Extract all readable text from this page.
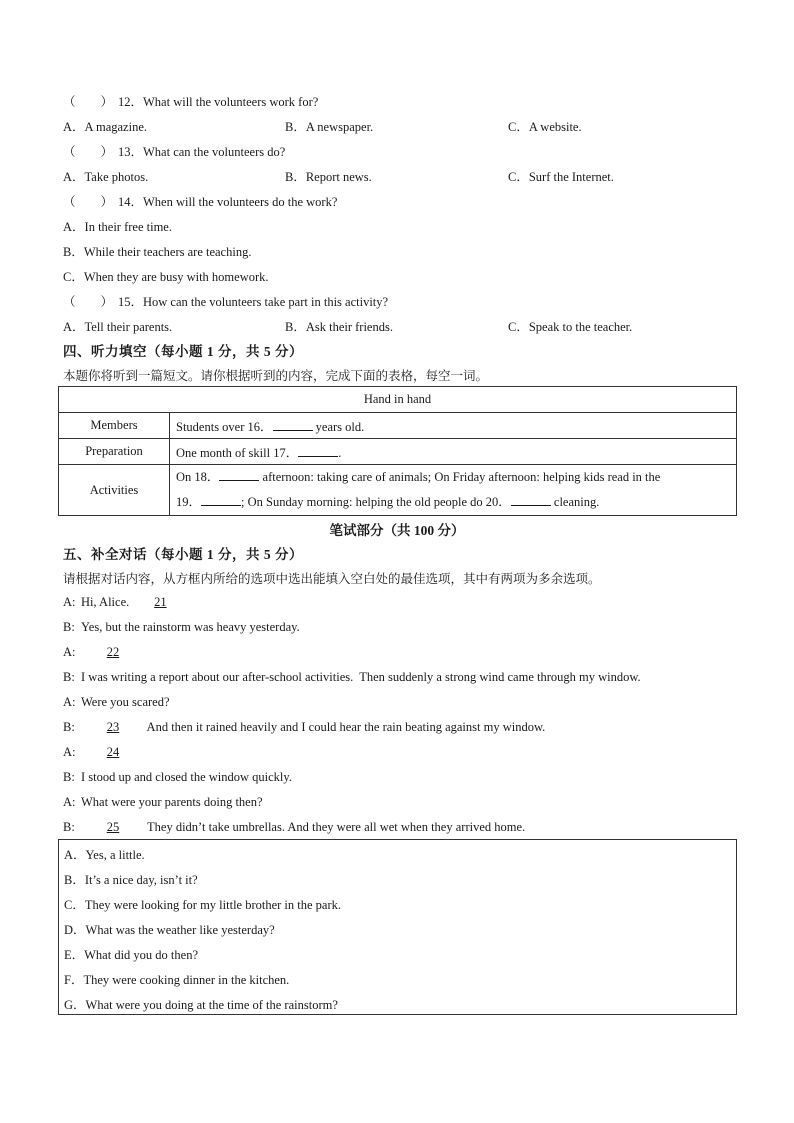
（　　） 12．What will the volunteers work for?
A．A magazine.	B．A newspaper.	C．A website.
（　　） 13．What can the volunteers do?
A．Take photos.	B．Report news.	C．Surf the Internet.
（　　） 14．When will the volunteers do the work?
A．In their free time.
B．While their teachers are teaching.
C．When they are busy with homework.
（　　） 15．How can the volunteers take part in this activity?
A．Tell their parents.	B．Ask their friends.	C．Speak to the teacher.
四、听力填空（每小题 1 分，共 5 分）
本题你将听到一篇短文。请你根据听到的内容，完成下面的表格，每空一词。
Hand in hand	
Members	Students over 16． years old.
Preparation	One month of skill 17． .
Activities	On 18． afternoon: taking care of animals; On Friday afternoon: helping kids read in the
19． ; On Sunday morning: helping the old people do 20． cleaning.
笔试部分（共 100 分）
五、补全对话（每小题 1 分，共 5 分）
请根据对话内容，从方框内所给的选项中选出能填入空白处的最佳选项，其中有两项为多余选项。
A: Hi, Alice. 21
B: Yes, but the rainstorm was heavy yesterday.
A:	22
B: I was writing a report about our after-school activities.  Then suddenly a strong wind came through my window.
A: Were you scared?
B:	23  And then it rained heavily and I could hear the rain beating against my window.
A:	24
B: I stood up and closed the window quickly.
A: What were your parents doing then?
B:	25  They didn’t take umbrellas. And they were all wet when they arrived home.
A．Yes, a little.
B．It’s a nice day, isn’t it?
C．They were looking for my little brother in the park.
D．What was the weather like yesterday?
E．What did you do then?
F．They were cooking dinner in the kitchen.
G．What were you doing at the time of the rainstorm?
